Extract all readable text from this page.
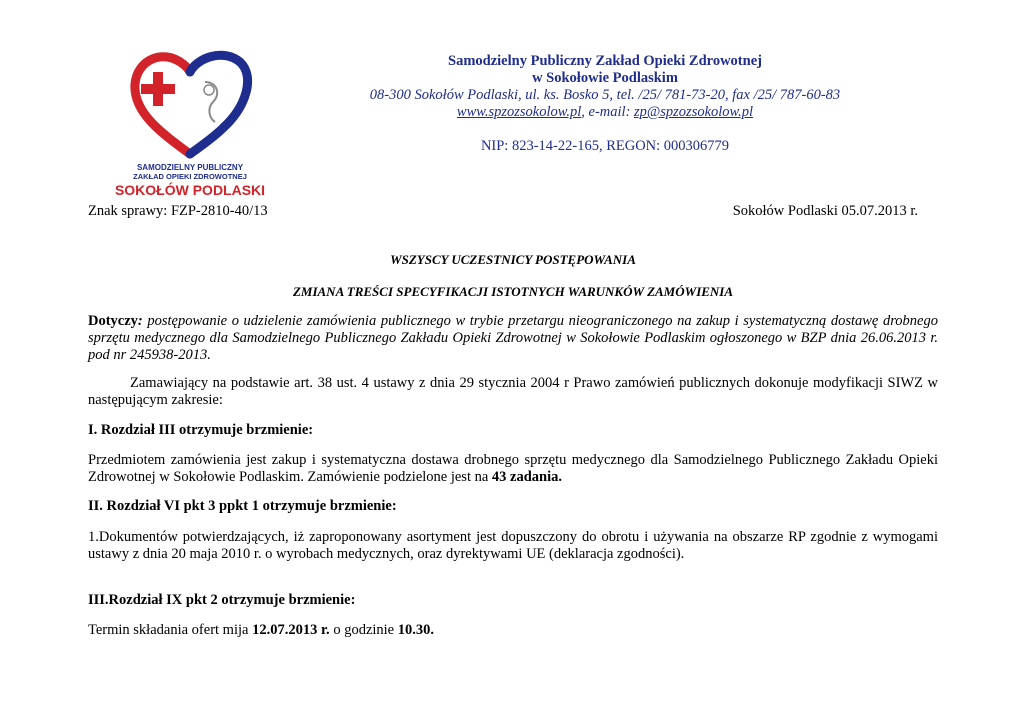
SAMODZIELNY PUBLICZNY
ZAKŁAD OPIEKI ZDROWOTNEJ
SOKOŁÓW PODLASKI
Samodzielny Publiczny Zakład Opieki Zdrowotnej
w Sokołowie Podlaskim
08-300 Sokołów Podlaski, ul. ks. Bosko 5, tel. /25/ 781-73-20, fax /25/ 787-60-83
www.spzozsokolow.pl, e-mail: zp@spzozsokolow.pl
NIP: 823-14-22-165, REGON: 000306779
Znak sprawy: FZP-2810-40/13	Sokołów Podlaski 05.07.2013 r.
WSZYSCY UCZESTNICY POSTĘPOWANIA
ZMIANA TREŚCI SPECYFIKACJI ISTOTNYCH WARUNKÓW ZAMÓWIENIA
Dotyczy: postępowanie o udzielenie zamówienia publicznego w trybie przetargu nieograniczonego na zakup i systematyczną dostawę drobnego sprzętu medycznego dla Samodzielnego Publicznego Zakładu Opieki Zdrowotnej w Sokołowie Podlaskim ogłoszonego w BZP dnia 26.06.2013 r. pod nr 245938-2013.
Zamawiający na podstawie art. 38 ust. 4 ustawy z dnia 29 stycznia 2004 r Prawo zamówień publicznych dokonuje modyfikacji SIWZ w następującym zakresie:
I. Rozdział III otrzymuje brzmienie:
Przedmiotem zamówienia jest zakup i systematyczna dostawa drobnego sprzętu medycznego dla Samodzielnego Publicznego Zakładu Opieki Zdrowotnej w Sokołowie Podlaskim. Zamówienie podzielone jest na 43 zadania.
II. Rozdział VI pkt 3 ppkt 1 otrzymuje brzmienie:
1.Dokumentów potwierdzających, iż zaproponowany asortyment jest dopuszczony do obrotu i używania na obszarze RP zgodnie z wymogami ustawy z dnia 20 maja 2010 r. o wyrobach medycznych, oraz dyrektywami UE (deklaracja zgodności).
III.Rozdział IX pkt 2 otrzymuje brzmienie:
Termin składania ofert mija 12.07.2013 r. o godzinie 10.30.
